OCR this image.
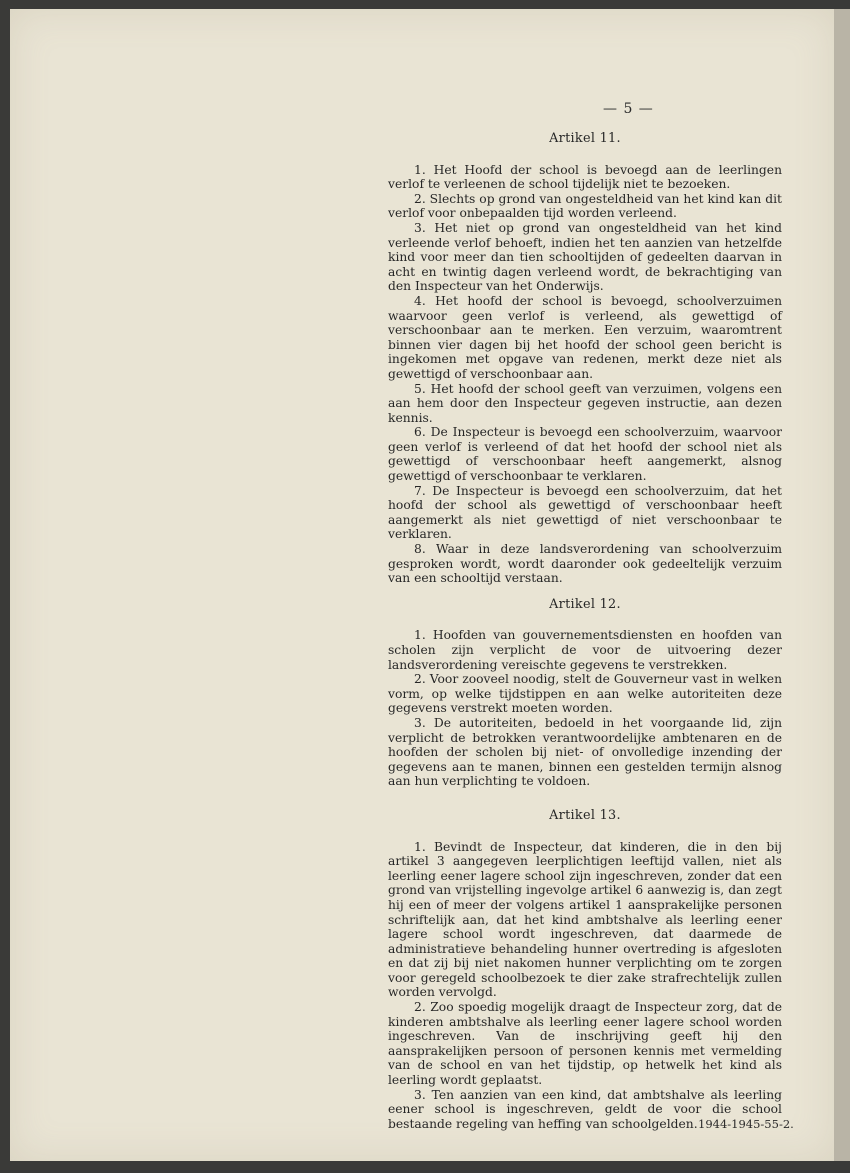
— 5 —
Artikel 11.

1. Het Hoofd der school is bevoegd aan de leerlingen verlof te verleenen de school tijdelijk niet te bezoeken.

2. Slechts op grond van ongesteldheid van het kind kan dit verlof voor onbepaalden tijd worden verleend.

3. Het niet op grond van ongesteldheid van het kind verleende verlof behoeft, indien het ten aanzien van hetzelfde kind voor meer dan tien schooltijden of gedeelten daarvan in acht en twintig dagen verleend wordt, de bekrachtiging van den Inspecteur van het Onderwijs.

4. Het hoofd der school is bevoegd, schoolverzuimen waarvoor geen verlof is verleend, als gewettigd of verschoonbaar aan te merken. Een verzuim, waaromtrent binnen vier dagen bij het hoofd der school geen bericht is ingekomen met opgave van redenen, merkt deze niet als gewettigd of verschoonbaar aan.

5. Het hoofd der school geeft van verzuimen, volgens een aan hem door den Inspecteur gegeven instructie, aan dezen kennis.

6. De Inspecteur is bevoegd een schoolverzuim, waarvoor geen verlof is verleend of dat het hoofd der school niet als gewettigd of verschoonbaar heeft aangemerkt, alsnog gewettigd of verschoonbaar te verklaren.

7. De Inspecteur is bevoegd een schoolverzuim, dat het hoofd der school als gewettigd of verschoonbaar heeft aangemerkt als niet gewettigd of niet verschoonbaar te verklaren.

8. Waar in deze landsverordening van schoolverzuim gesproken wordt, wordt daaronder ook gedeeltelijk verzuim van een schooltijd verstaan.

Artikel 12.

1. Hoofden van gouvernementsdiensten en hoofden van scholen zijn verplicht de voor de uitvoering dezer landsverordening vereischte gegevens te verstrekken.

2. Voor zooveel noodig, stelt de Gouverneur vast in welken vorm, op welke tijdstippen en aan welke autoriteiten deze gegevens verstrekt moeten worden.

3. De autoriteiten, bedoeld in het voorgaande lid, zijn verplicht de betrokken verantwoordelijke ambtenaren en de hoofden der scholen bij niet- of onvolledige inzending der gegevens aan te manen, binnen een gestelden termijn alsnog aan hun verplichting te voldoen.

Artikel 13.

1. Bevindt de Inspecteur, dat kinderen, die in den bij artikel 3 aangegeven leerplichtigen leeftijd vallen, niet als leerling eener lagere school zijn ingeschreven, zonder dat een grond van vrijstelling ingevolge artikel 6 aanwezig is, dan zegt hij een of meer der volgens artikel 1 aansprakelijke personen schriftelijk aan, dat het kind ambtshalve als leerling eener lagere school wordt ingeschreven, dat daarmede de administratieve behandeling hunner overtreding is afgesloten en dat zij bij niet nakomen hunner verplichting om te zorgen voor geregeld schoolbezoek te dier zake strafrechtelijk zullen worden vervolgd.

2. Zoo spoedig mogelijk draagt de Inspecteur zorg, dat de kinderen ambtshalve als leerling eener lagere school worden ingeschreven. Van de inschrijving geeft hij den aansprakelijken persoon of personen kennis met vermelding van de school en van het tijdstip, op hetwelk het kind als leerling wordt geplaatst.

3. Ten aanzien van een kind, dat ambtshalve als leerling eener school is ingeschreven, geldt de voor die school bestaande regeling van heffing van schoolgelden. 1944-1945-55-2.
